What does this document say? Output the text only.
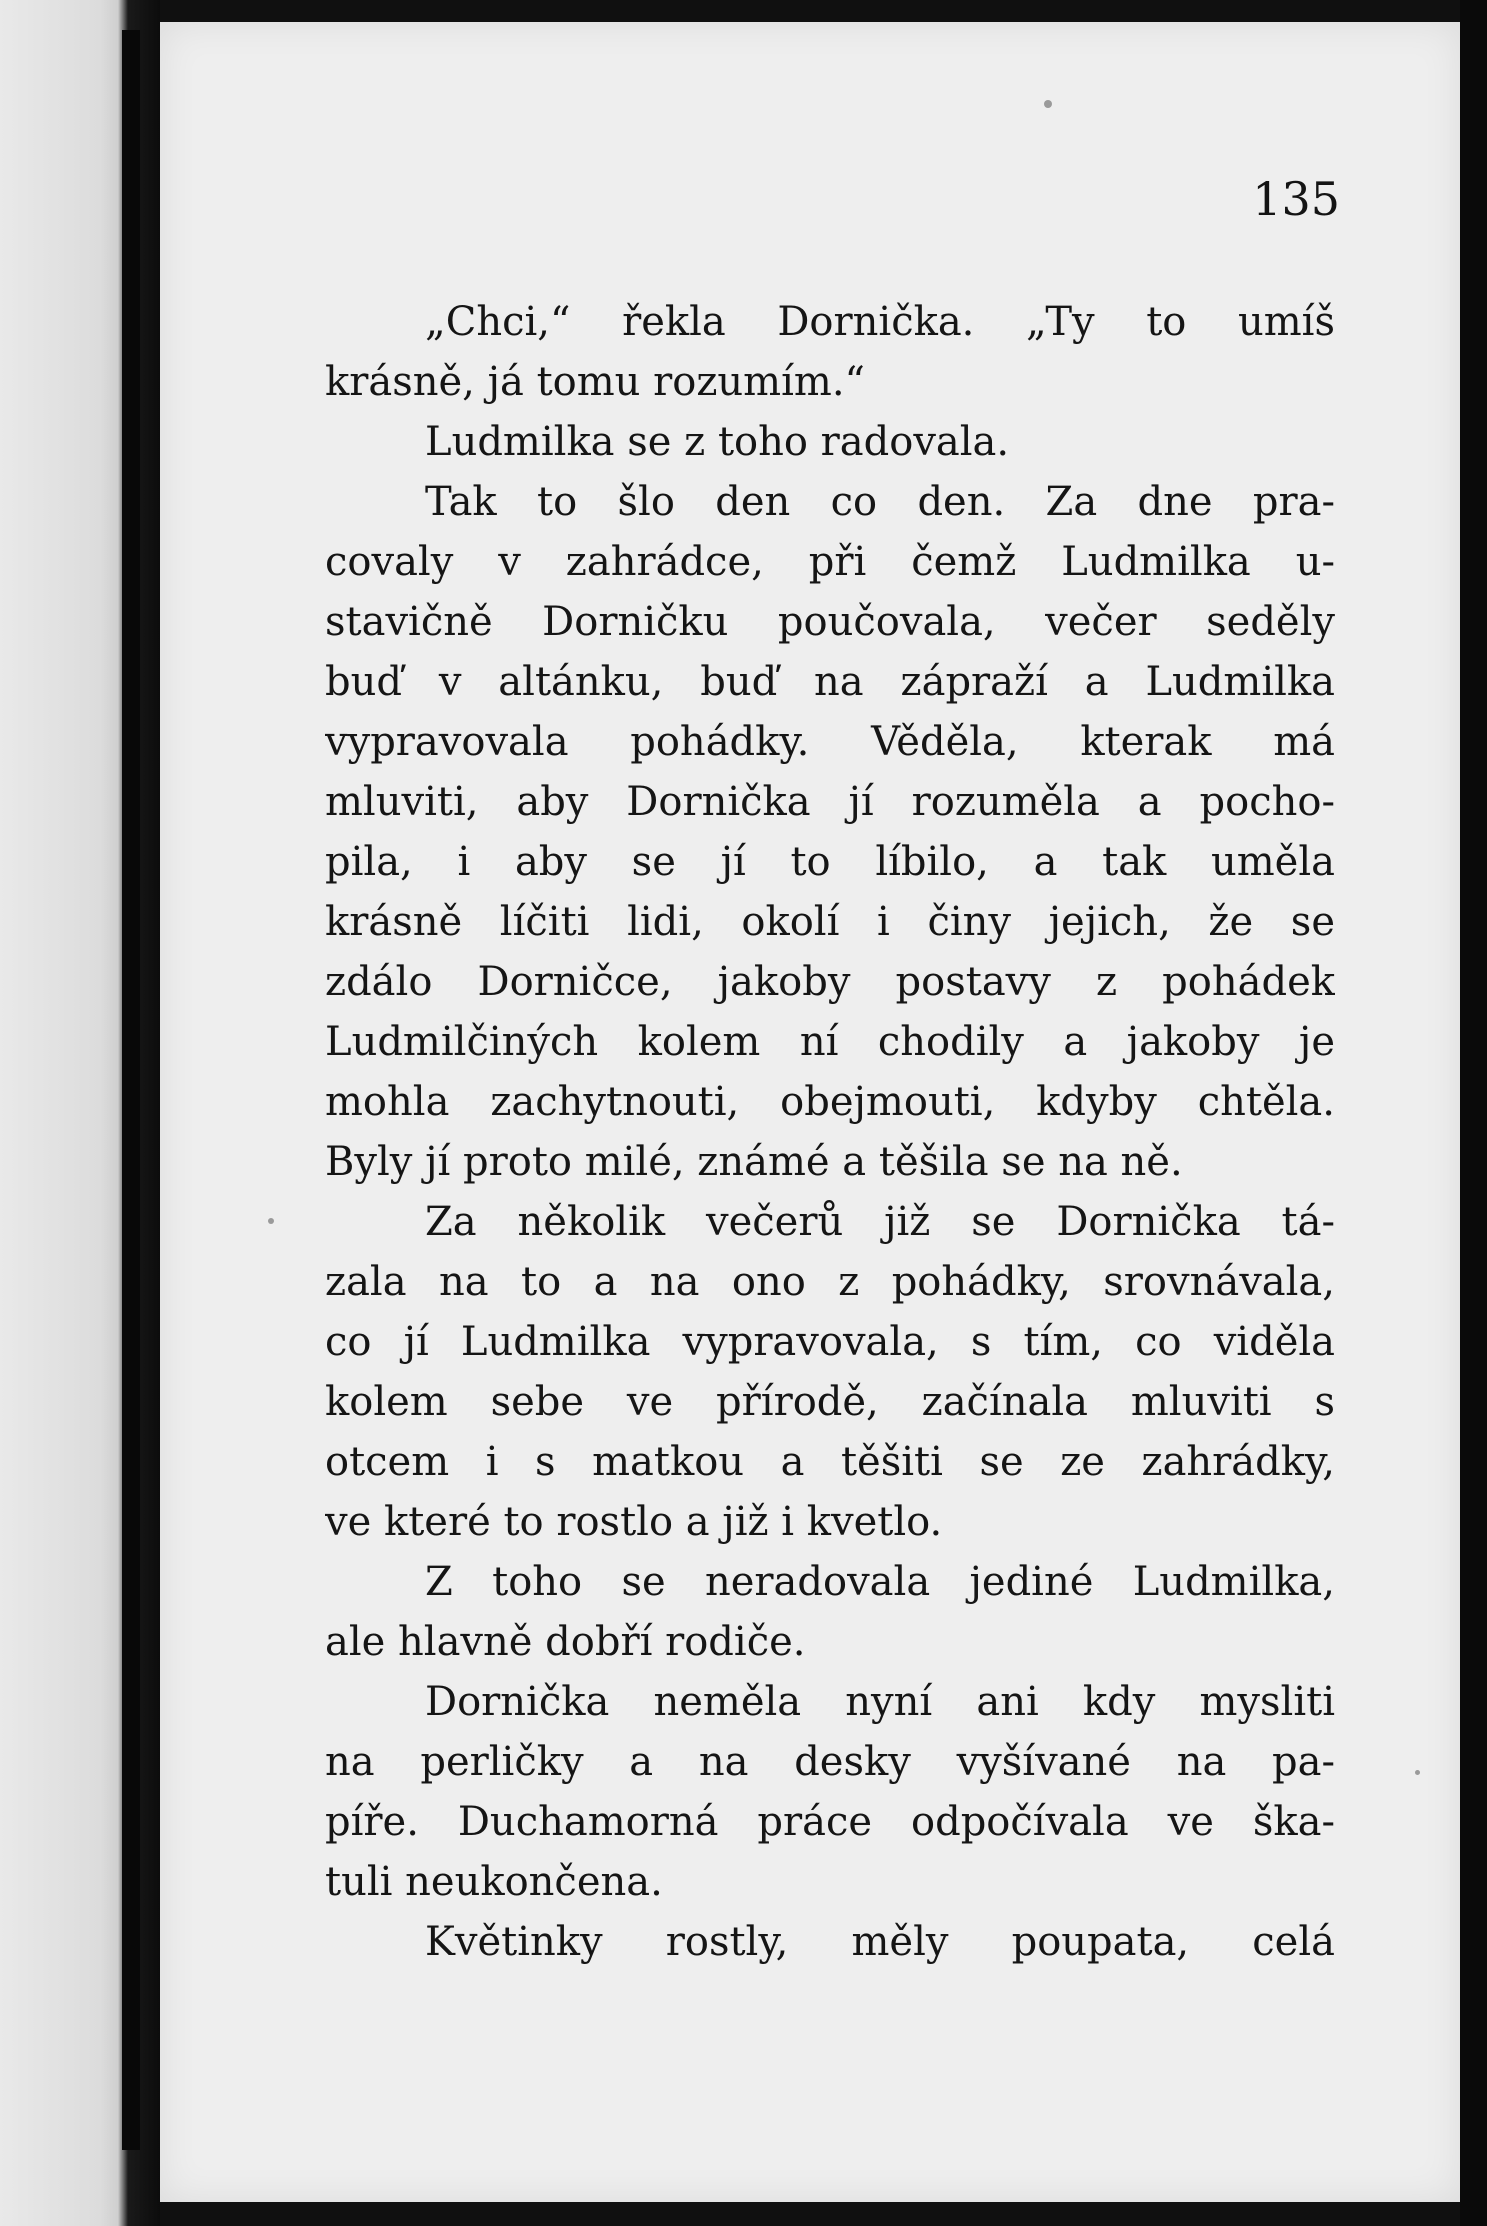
135

„Chci,“ řekla Dornička. „Ty to umíš
krásně, já tomu rozumím.“
Ludmilka se z toho radovala.
Tak to šlo den co den. Za dne pra-
covaly v zahrádce, při čemž Ludmilka u-
stavičně Dorničku poučovala, večer seděly
buď v altánku, buď na zápraží a Ludmilka
vypravovala pohádky. Věděla, kterak má
mluviti, aby Dornička jí rozuměla a pocho-
pila, i aby se jí to líbilo, a tak uměla
krásně líčiti lidi, okolí i činy jejich, že se
zdálo Dorničce, jakoby postavy z pohádek
Ludmilčiných kolem ní chodily a jakoby je
mohla zachytnouti, obejmouti, kdyby chtěla.
Byly jí proto milé, známé a těšila se na ně.
Za několik večerů již se Dornička tá-
zala na to a na ono z pohádky, srovnávala,
co jí Ludmilka vypravovala, s tím, co viděla
kolem sebe ve přírodě, začínala mluviti s
otcem i s matkou a těšiti se ze zahrádky,
ve které to rostlo a již i kvetlo.
Z toho se neradovala jediné Ludmilka,
ale hlavně dobří rodiče.
Dornička neměla nyní ani kdy mysliti
na perličky a na desky vyšívané na pa-
píře. Duchamorná práce odpočívala ve ška-
tuli neukončena.
Květinky rostly, měly poupata, celá
